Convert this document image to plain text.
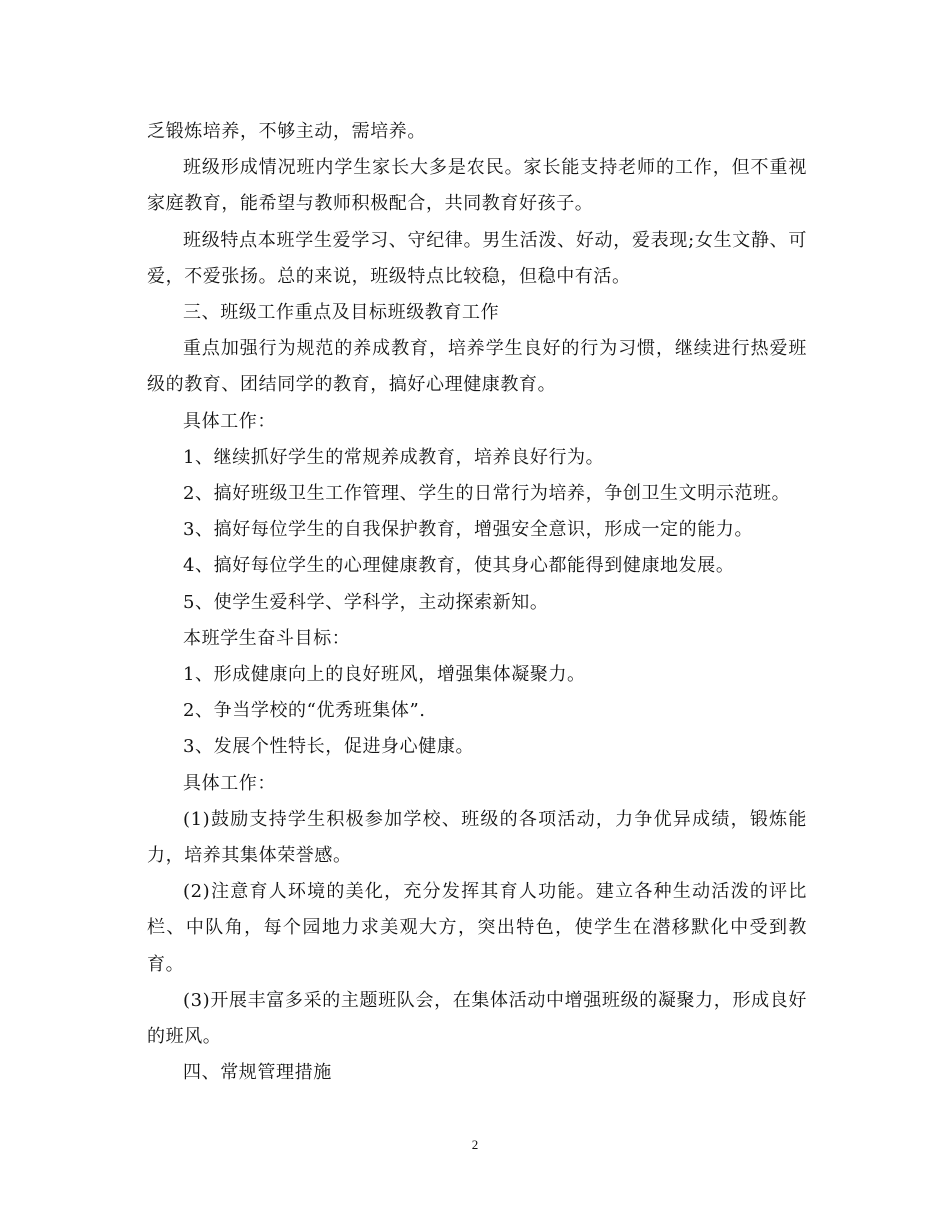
乏锻炼培养，不够主动，需培养。

班级形成情况班内学生家长大多是农民。家长能支持老师的工作，但不重视家庭教育，能希望与教师积极配合，共同教育好孩子。

班级特点本班学生爱学习、守纪律。男生活泼、好动，爱表现;女生文静、可爱，不爱张扬。总的来说，班级特点比较稳，但稳中有活。

三、班级工作重点及目标班级教育工作

重点加强行为规范的养成教育，培养学生良好的行为习惯，继续进行热爱班级的教育、团结同学的教育，搞好心理健康教育。

具体工作：

1、继续抓好学生的常规养成教育，培养良好行为。

2、搞好班级卫生工作管理、学生的日常行为培养，争创卫生文明示范班。

3、搞好每位学生的自我保护教育，增强安全意识，形成一定的能力。

4、搞好每位学生的心理健康教育，使其身心都能得到健康地发展。

5、使学生爱科学、学科学，主动探索新知。

本班学生奋斗目标：

1、形成健康向上的良好班风，增强集体凝聚力。

2、争当学校的“优秀班集体”.

3、发展个性特长，促进身心健康。

具体工作：

(1)鼓励支持学生积极参加学校、班级的各项活动，力争优异成绩，锻炼能力，培养其集体荣誉感。

(2)注意育人环境的美化，充分发挥其育人功能。建立各种生动活泼的评比栏、中队角，每个园地力求美观大方，突出特色，使学生在潜移默化中受到教育。

(3)开展丰富多采的主题班队会，在集体活动中增强班级的凝聚力，形成良好的班风。

四、常规管理措施

2
